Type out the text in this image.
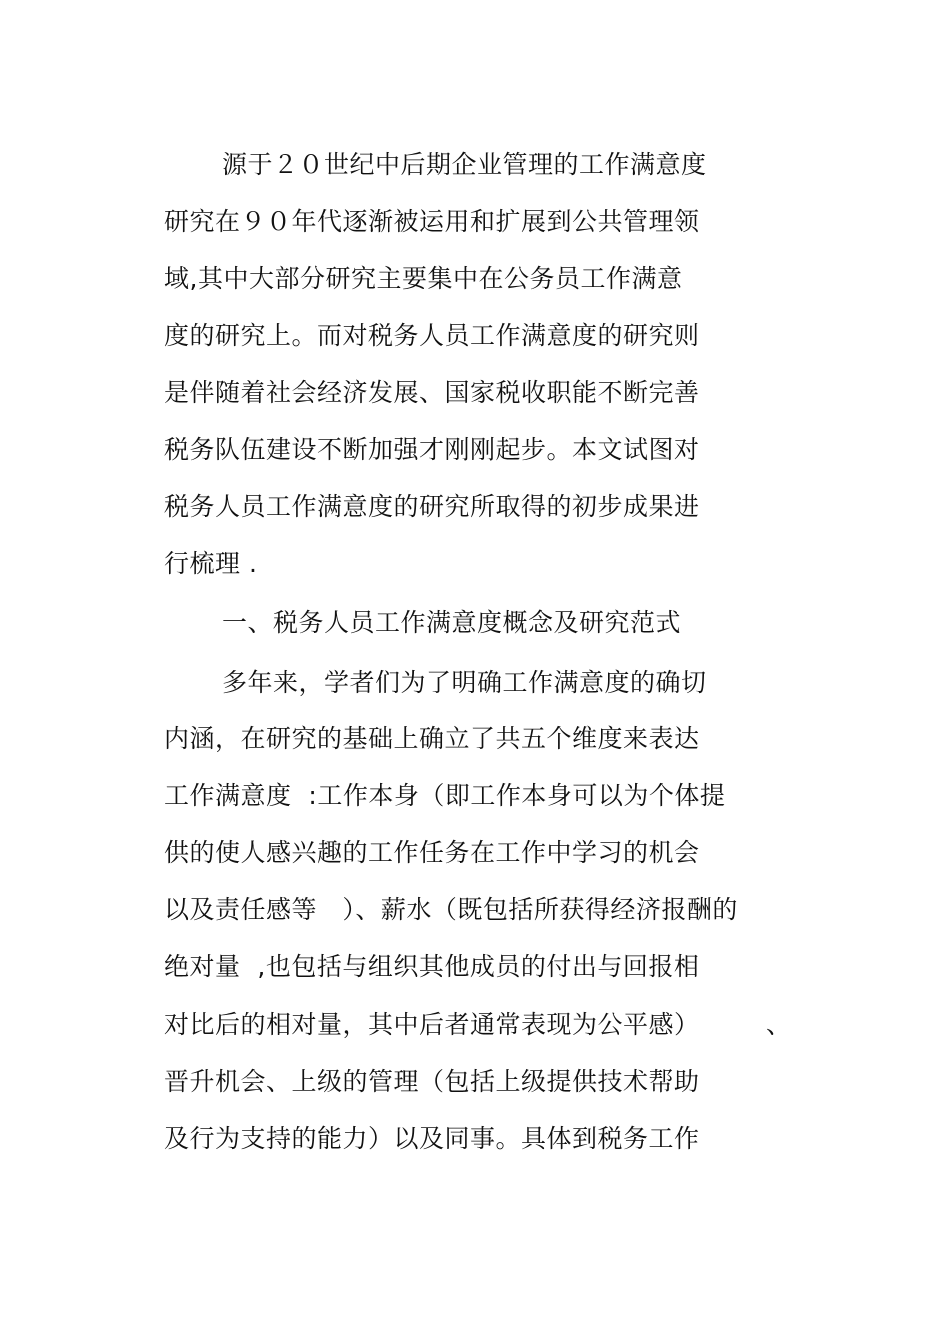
源于２０世纪中后期企业管理的工作满意度
研究在９０年代逐渐被运用和扩展到公共管理领
域,其中大部分研究主要集中在公务员工作满意
度的研究上。而对税务人员工作满意度的研究则
是伴随着社会经济发展、国家税收职能不断完善
税务队伍建设不断加强才刚刚起步。本文试图对
税务人员工作满意度的研究所取得的初步成果进
行梳理 .
一、税务人员工作满意度概念及研究范式
多年来，学者们为了明确工作满意度的确切
内涵，在研究的基础上确立了共五个维度来表达
工作满意度  :工作本身（即工作本身可以为个体提
供的使人感兴趣的工作任务在工作中学习的机会
以及责任感等   ）、薪水（既包括所获得经济报酬的
绝对量  ,也包括与组织其他成员的付出与回报相
对比后的相对量，其中后者通常表现为公平感）	、
晋升机会、上级的管理（包括上级提供技术帮助
及行为支持的能力）以及同事。具体到税务工作
